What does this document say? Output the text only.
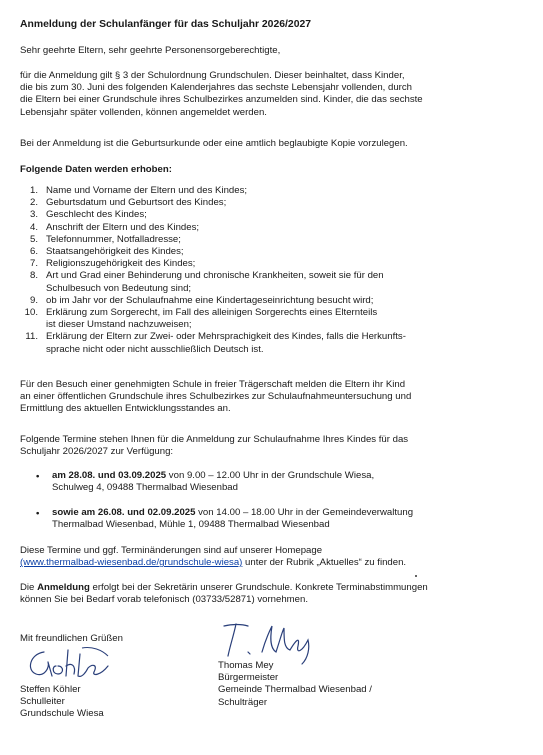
Anmeldung der Schulanfänger für das Schuljahr 2026/2027
Sehr geehrte Eltern, sehr geehrte Personensorgeberechtigte,
für die Anmeldung gilt § 3 der Schulordnung Grundschulen. Dieser beinhaltet, dass Kinder,
die bis zum 30. Juni des folgenden Kalenderjahres das sechste Lebensjahr vollenden, durch
die Eltern bei einer Grundschule ihres Schulbezirkes anzumelden sind. Kinder, die das sechste
Lebensjahr später vollenden, können angemeldet werden.
Bei der Anmeldung ist die Geburtsurkunde oder eine amtlich beglaubigte Kopie vorzulegen.
Folgende Daten werden erhoben:
1. Name und Vorname der Eltern und des Kindes;
2. Geburtsdatum und Geburtsort des Kindes;
3. Geschlecht des Kindes;
4. Anschrift der Eltern und des Kindes;
5. Telefonnummer, Notfalladresse;
6. Staatsangehörigkeit des Kindes;
7. Religionszugehörigkeit des Kindes;
8. Art und Grad einer Behinderung und chronische Krankheiten, soweit sie für den
Schulbesuch von Bedeutung sind;
9. ob im Jahr vor der Schulaufnahme eine Kindertageseinrichtung besucht wird;
10. Erklärung zum Sorgerecht, im Fall des alleinigen Sorgerechts eines Elternteils
ist dieser Umstand nachzuweisen;
11. Erklärung der Eltern zur Zwei- oder Mehrsprachigkeit des Kindes, falls die Herkunfts-
sprache nicht oder nicht ausschließlich Deutsch ist.
Für den Besuch einer genehmigten Schule in freier Trägerschaft melden die Eltern ihr Kind
an einer öffentlichen Grundschule ihres Schulbezirkes zur Schulaufnahmeuntersuchung und
Ermittlung des aktuellen Entwicklungsstandes an.
Folgende Termine stehen Ihnen für die Anmeldung zur Schulaufnahme Ihres Kindes für das
Schuljahr 2026/2027 zur Verfügung:
•	am 28.08. und 03.09.2025 von 9.00 – 12.00 Uhr in der Grundschule Wiesa,
Schulweg 4, 09488 Thermalbad Wiesenbad
•	sowie am 26.08. und 02.09.2025 von 14.00 – 18.00 Uhr in der Gemeindeverwaltung
Thermalbad Wiesenbad, Mühle 1, 09488 Thermalbad Wiesenbad
Diese Termine und ggf. Terminänderungen sind auf unserer Homepage
(www.thermalbad-wiesenbad.de/grundschule-wiesa) unter der Rubrik „Aktuelles“ zu finden.
Die Anmeldung erfolgt bei der Sekretärin unserer Grundschule. Konkrete Terminabstimmungen
können Sie bei Bedarf vorab telefonisch (03733/52871) vornehmen.
Mit freundlichen Grüßen
Steffen Köhler
Schulleiter
Grundschule Wiesa
Thomas Mey
Bürgermeister
Gemeinde Thermalbad Wiesenbad /
Schulträger
